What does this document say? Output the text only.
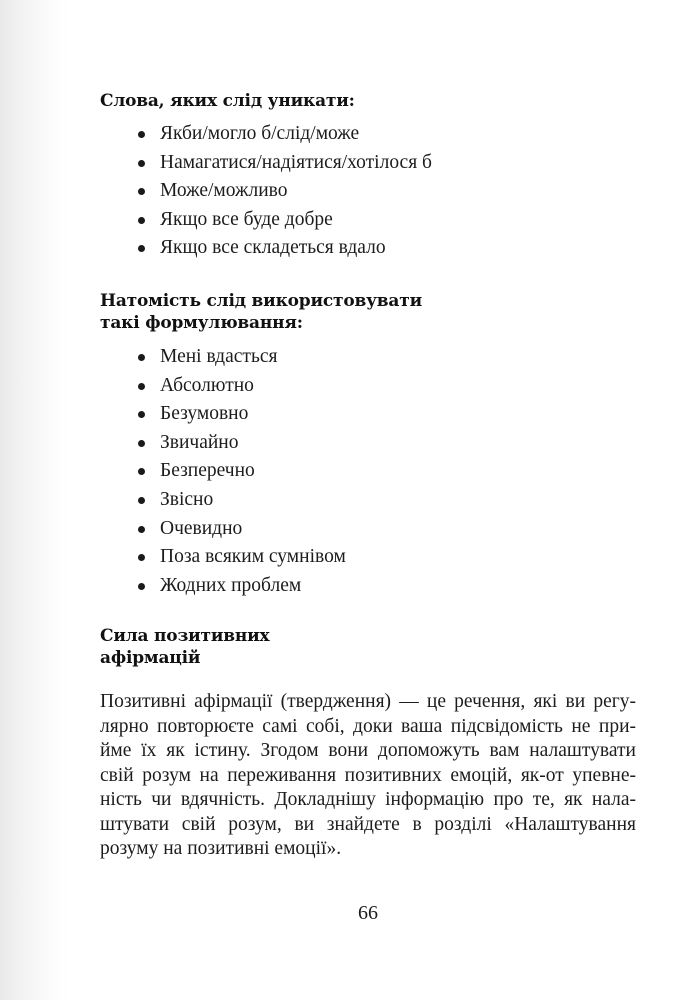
Слова, яких слід уникати:
Якби/могло б/слід/може
Намагатися/надіятися/хотілося б
Може/можливо
Якщо все буде добре
Якщо все складеться вдало
Натомість слід використовувати
такі формулювання:
Мені вдасться
Абсолютно
Безумовно
Звичайно
Безперечно
Звісно
Очевидно
Поза всяким сумнівом
Жодних проблем
Сила позитивних
афірмацій

Позитивні афірмації (твердження) — це речення, які ви регу-
лярно повторюєте самі собі, доки ваша підсвідомість не при-
йме їх як істину. Згодом вони допоможуть вам налаштувати
свій розум на переживання позитивних емоцій, як-от упевне-
ність чи вдячність. Докладнішу інформацію про те, як нала-
штувати свій розум, ви знайдете в розділі «Налаштування
розуму на позитивні емоції».

66
